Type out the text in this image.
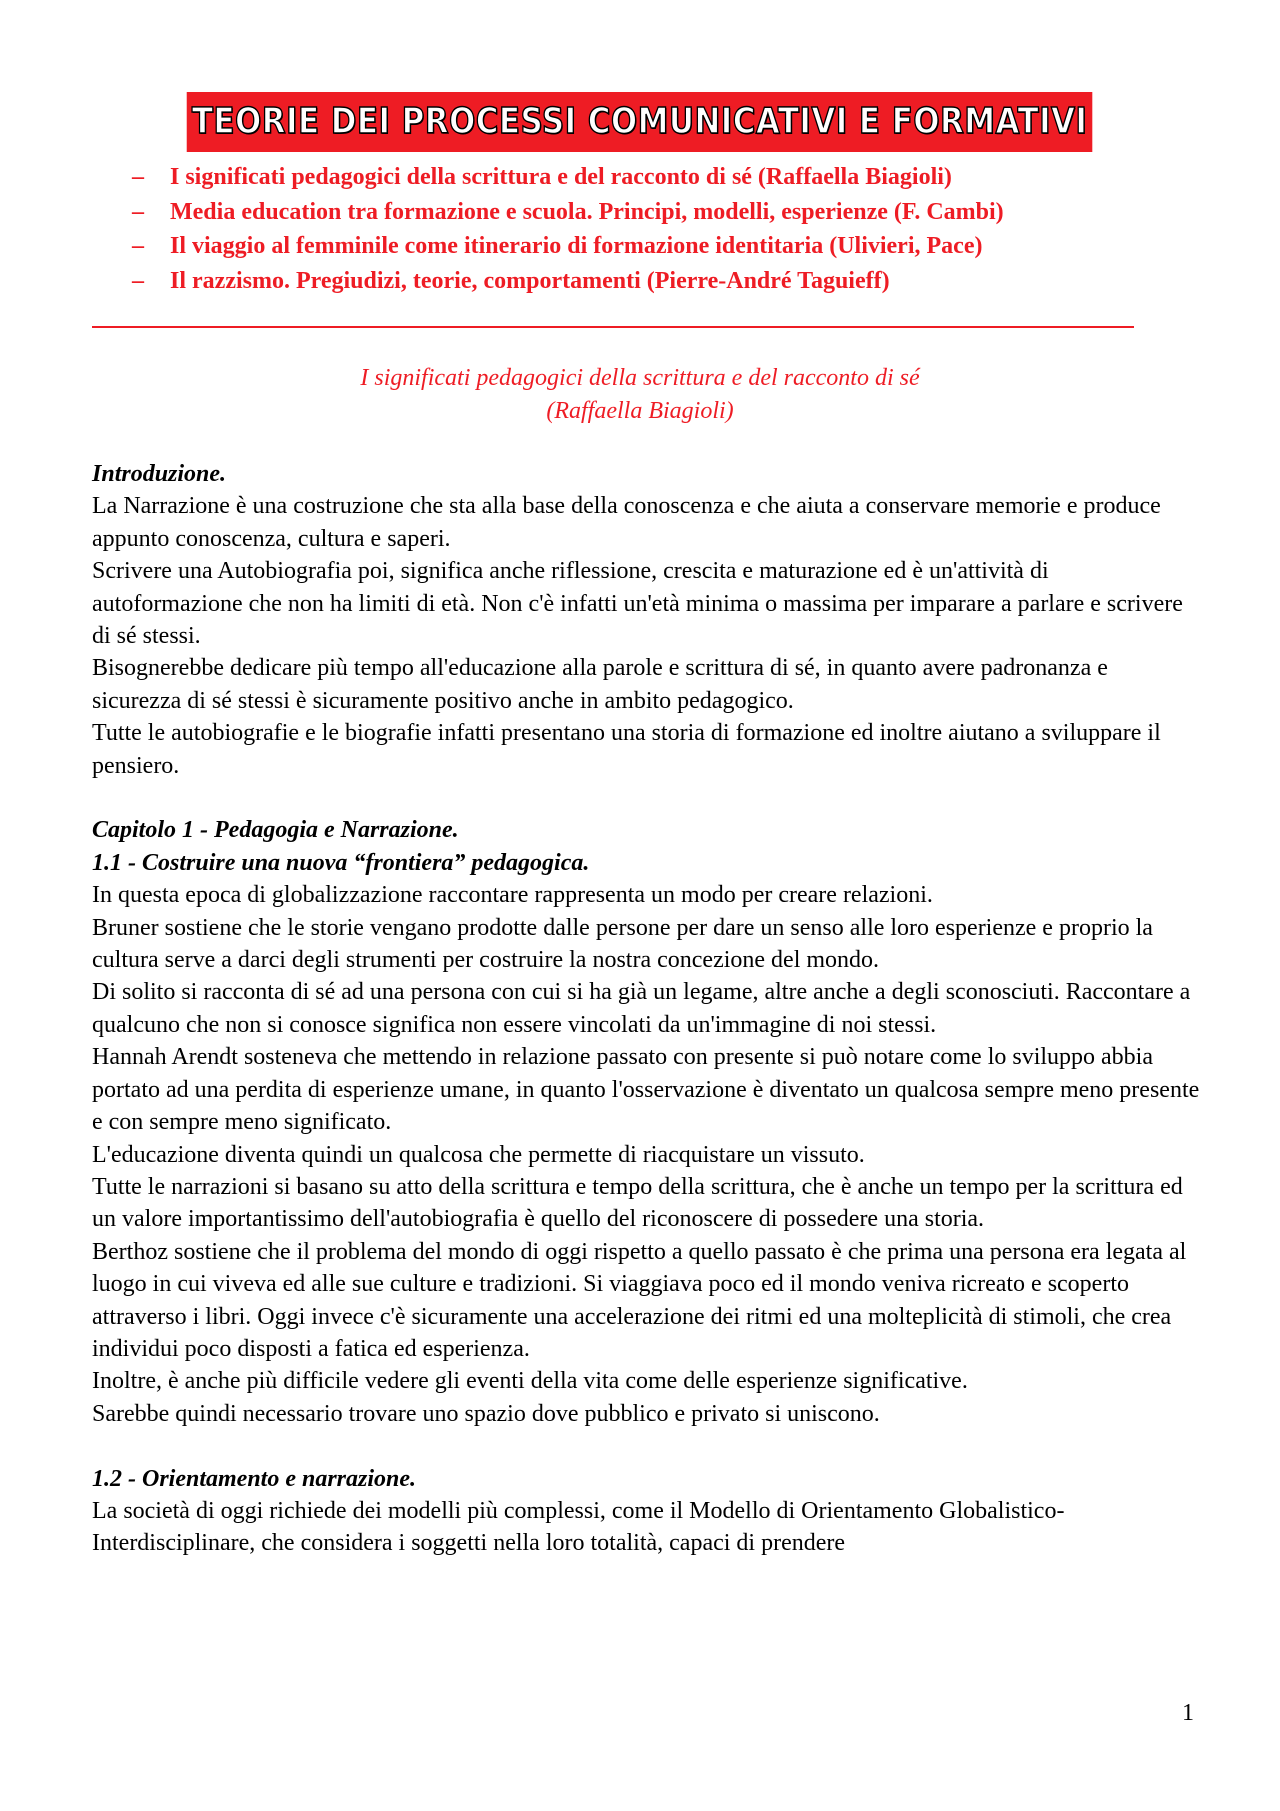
TEORIE DEI PROCESSI COMUNICATIVI E FORMATIVI
– I significati pedagogici della scrittura e del racconto di sé (Raffaella Biagioli)
– Media education tra formazione e scuola. Principi, modelli, esperienze (F. Cambi)
– Il viaggio al femminile come itinerario di formazione identitaria (Ulivieri, Pace)
– Il razzismo. Pregiudizi, teorie, comportamenti (Pierre-André Taguieff)
I significati pedagogici della scrittura e del racconto di sé
(Raffaella Biagioli)

Introduzione.

La Narrazione è una costruzione che sta alla base della conoscenza e che aiuta a conservare memorie e produce appunto conoscenza, cultura e saperi.

Scrivere una Autobiografia poi, significa anche riflessione, crescita e maturazione ed è un'attività di autoformazione che non ha limiti di età. Non c'è infatti un'età minima o massima per imparare a parlare e scrivere di sé stessi.

Bisognerebbe dedicare più tempo all'educazione alla parole e scrittura di sé, in quanto avere padronanza e sicurezza di sé stessi è sicuramente positivo anche in ambito pedagogico.

Tutte le autobiografie e le biografie infatti presentano una storia di formazione ed inoltre aiutano a sviluppare il pensiero.

Capitolo 1 - Pedagogia e Narrazione.

1.1 - Costruire una nuova “frontiera” pedagogica.

In questa epoca di globalizzazione raccontare rappresenta un modo per creare relazioni.

Bruner sostiene che le storie vengano prodotte dalle persone per dare un senso alle loro esperienze e proprio la cultura serve a darci degli strumenti per costruire la nostra concezione del mondo.

Di solito si racconta di sé ad una persona con cui si ha già un legame, altre anche a degli sconosciuti. Raccontare a qualcuno che non si conosce significa non essere vincolati da un'immagine di noi stessi.

Hannah Arendt sosteneva che mettendo in relazione passato con presente si può notare come lo sviluppo abbia portato ad una perdita di esperienze umane, in quanto l'osservazione è diventato un qualcosa sempre meno presente e con sempre meno significato.

L'educazione diventa quindi un qualcosa che permette di riacquistare un vissuto.

Tutte le narrazioni si basano su atto della scrittura e tempo della scrittura, che è anche un tempo per la scrittura ed un valore importantissimo dell'autobiografia è quello del riconoscere di possedere una storia.

Berthoz sostiene che il problema del mondo di oggi rispetto a quello passato è che prima una persona era legata al luogo in cui viveva ed alle sue culture e tradizioni. Si viaggiava poco ed il mondo veniva ricreato e scoperto attraverso i libri. Oggi invece c'è sicuramente una accelerazione dei ritmi ed una molteplicità di stimoli, che crea individui poco disposti a fatica ed esperienza.

Inoltre, è anche più difficile vedere gli eventi della vita come delle esperienze significative.

Sarebbe quindi necessario trovare uno spazio dove pubblico e privato si uniscono.

1.2 - Orientamento e narrazione.

La società di oggi richiede dei modelli più complessi, come il Modello di Orientamento Globalistico-Interdisciplinare, che considera i soggetti nella loro totalità, capaci di prendere

1
